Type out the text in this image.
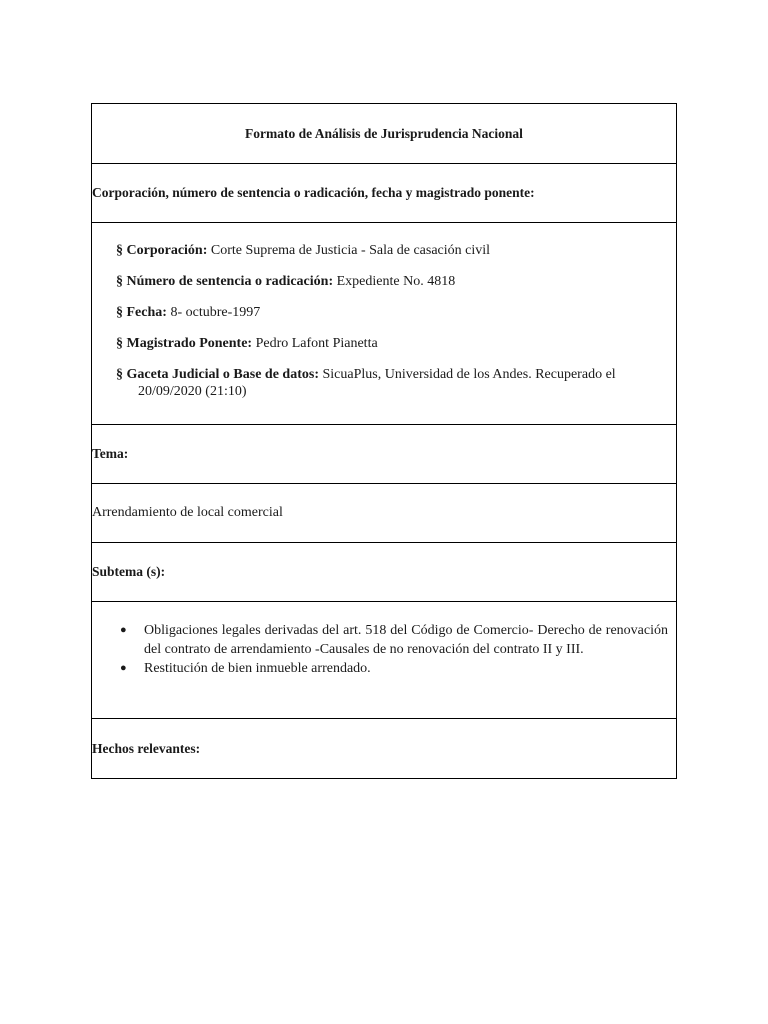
Formato de Análisis de Jurisprudencia Nacional
Corporación, número de sentencia o radicación, fecha y magistrado ponente:
§ Corporación: Corte Suprema de Justicia - Sala de casación civil
§ Número de sentencia o radicación: Expediente No. 4818
§ Fecha: 8- octubre-1997
§ Magistrado Ponente: Pedro Lafont Pianetta
§ Gaceta Judicial o Base de datos: SicuaPlus, Universidad de los Andes. Recuperado el
20/09/2020 (21:10)
Tema:
Arrendamiento de local comercial
Subtema (s):
●	Obligaciones legales derivadas del art. 518 del Código de Comercio- Derecho de renovación del contrato de arrendamiento -Causales de no renovación del contrato II y III.
●	Restitución de bien inmueble arrendado.
Hechos relevantes:
